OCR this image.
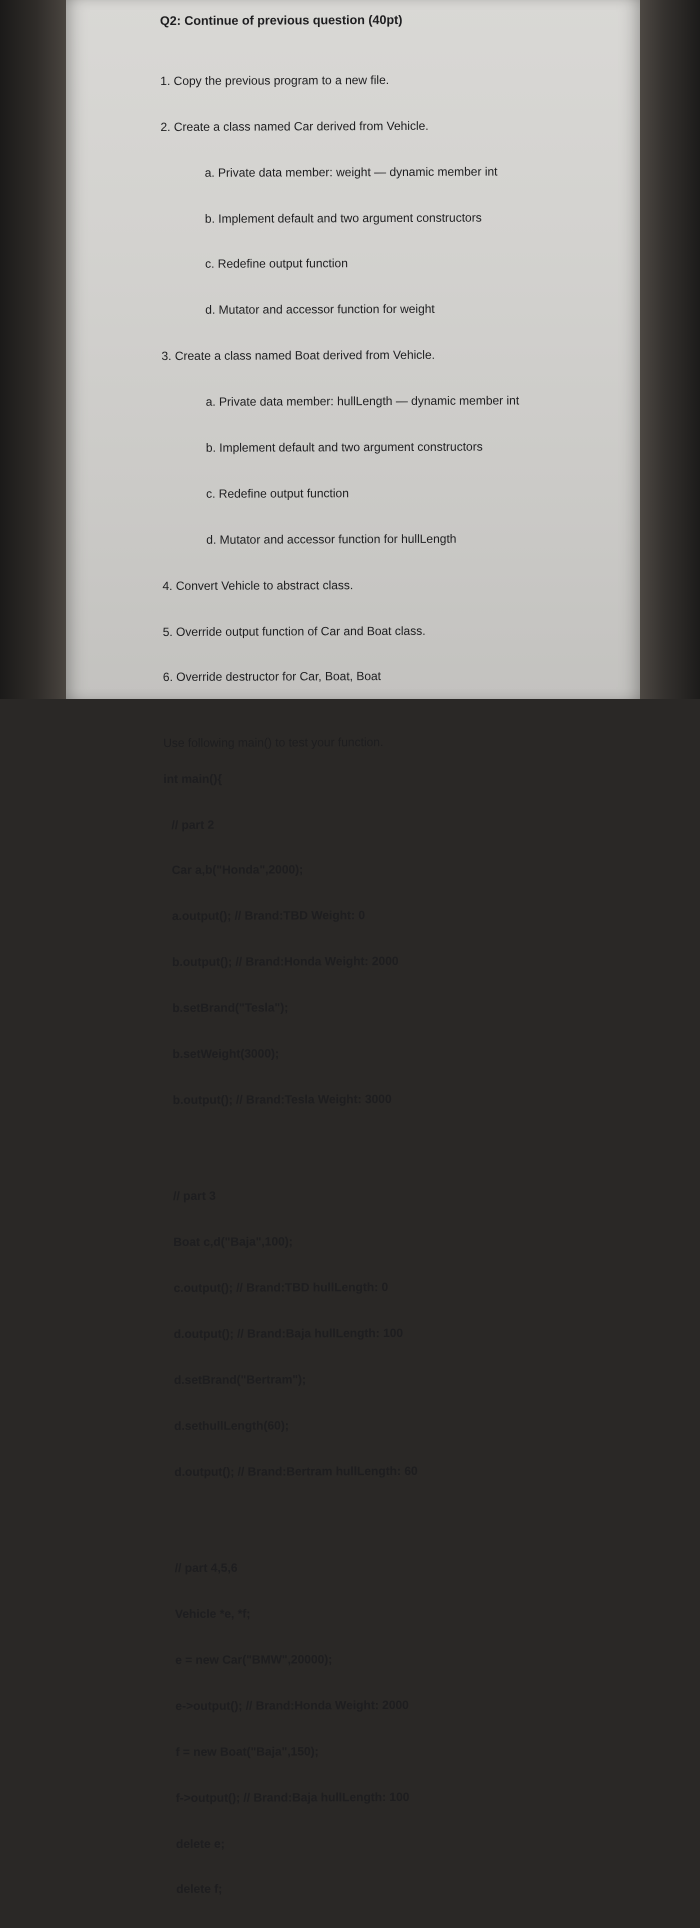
Q2: Continue of previous question (40pt)

1. Copy the previous program to a new file.

2. Create a class named Car derived from Vehicle.

a. Private data member: weight — dynamic member int

b. Implement default and two argument constructors

c. Redefine output function

d. Mutator and accessor function for weight

3. Create a class named Boat derived from Vehicle.

a. Private data member: hullLength — dynamic member int

b. Implement default and two argument constructors

c. Redefine output function

d. Mutator and accessor function for hullLength

4. Convert Vehicle to abstract class.

5. Override output function of Car and Boat class.

6. Override destructor for Car, Boat, Boat

Use following main() to test your function.
int main(){

// part 2

Car a,b("Honda",2000);

a.output(); // Brand:TBD Weight: 0

b.output(); // Brand:Honda Weight: 2000

b.setBrand("Tesla");

b.setWeight(3000);

b.output(); // Brand:Tesla Weight: 3000

// part 3

Boat c,d("Baja",100);

c.output(); // Brand:TBD hullLength: 0

d.output(); // Brand:Baja hullLength: 100

d.setBrand("Bertram");

d.sethullLength(60);

d.output(); // Brand:Bertram hullLength: 60

// part 4,5,6

Vehicle *e, *f;

e = new Car("BMW",20000);

e->output(); // Brand:Honda Weight: 2000

f = new Boat("Baja",150);

f->output(); // Brand:Baja hullLength: 100

delete e;

delete f;
